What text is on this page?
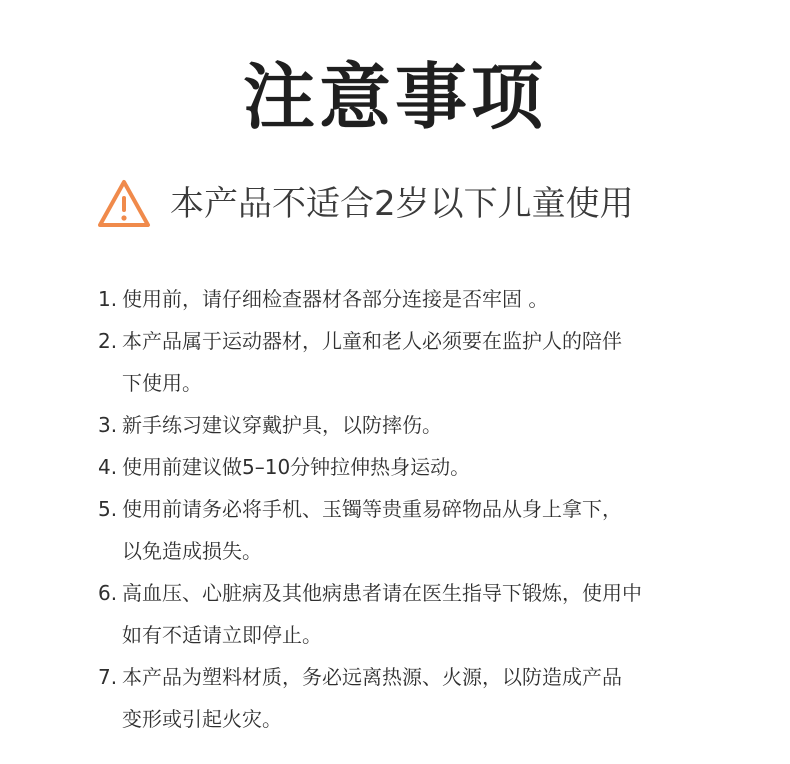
注意事项
本产品不适合2岁以下儿童使用
1. 使用前，请仔细检查器材各部分连接是否牢固 。
2. 本产品属于运动器材，儿童和老人必须要在监护人的陪伴
下使用。
3. 新手练习建议穿戴护具，以防摔伤。
4. 使用前建议做5–10分钟拉伸热身运动。
5. 使用前请务必将手机、玉镯等贵重易碎物品从身上拿下，
以免造成损失。
6. 高血压、心脏病及其他病患者请在医生指导下锻炼，使用中
如有不适请立即停止。
7. 本产品为塑料材质，务必远离热源、火源，以防造成产品
变形或引起火灾。
